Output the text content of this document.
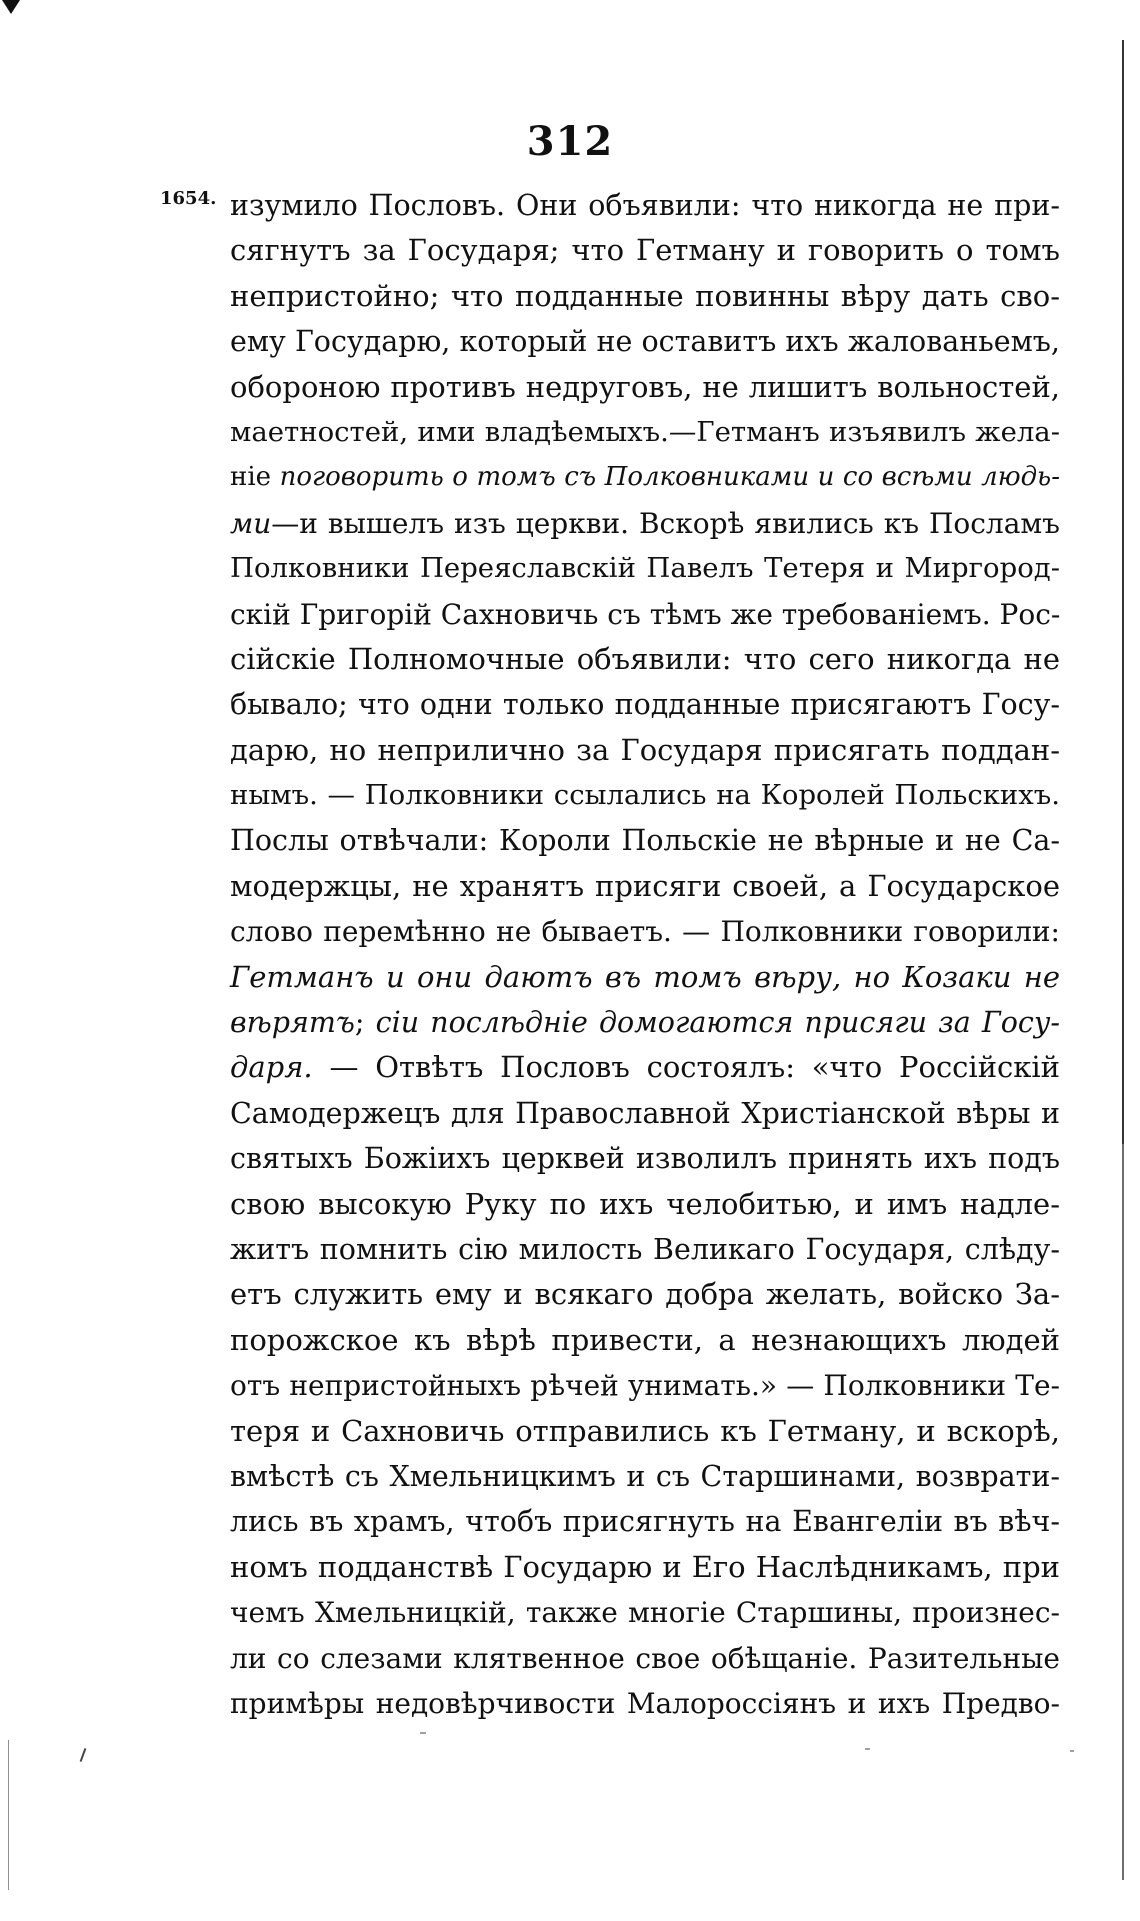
312
1654. изумило Пословъ. Они объявили: что никогда не при-
сягнутъ за Государя; что Гетману и говорить о томъ
непристойно; что подданные повинны вѣру дать сво-
ему Государю, который не оставитъ ихъ жалованьемъ,
обороною противъ недруговъ, не лишитъ вольностей,
маетностей, ими владѣемыхъ.—Гетманъ изъявилъ жела-
ніе поговорить о томъ съ Полковниками и со всѣми людь-
ми—и вышелъ изъ церкви. Вскорѣ явились къ Посламъ
Полковники Переяславскій Павелъ Тетеря и Миргород-
скій Григорій Сахновичь съ тѣмъ же требованіемъ. Рос-
сійскіе Полномочные объявили: что сего никогда не
бывало; что одни только подданные присягаютъ Госу-
дарю, но неприлично за Государя присягать поддан-
нымъ. — Полковники ссылались на Королей Польскихъ.
Послы отвѣчали: Короли Польскіе не вѣрные и не Са-
модержцы, не хранятъ присяги своей, а Государское
слово перемѣнно не бываетъ. — Полковники говорили:
Гетманъ и они даютъ въ томъ вѣру, но Козаки не
вѣрятъ; сіи послѣдніе домогаются присяги за Госу-
даря. — Отвѣтъ Пословъ состоялъ: «что Россійскій
Самодержецъ для Православной Христіанской вѣры и
святыхъ Божіихъ церквей изволилъ принять ихъ подъ
свою высокую Руку по ихъ челобитью, и имъ надле-
житъ помнить сію милость Великаго Государя, слѣду-
етъ служить ему и всякаго добра желать, войско За-
порожское къ вѣрѣ привести, а незнающихъ людей
отъ непристойныхъ рѣчей унимать.» — Полковники Те-
теря и Сахновичь отправились къ Гетману, и вскорѣ,
вмѣстѣ съ Хмельницкимъ и съ Старшинами, возврати-
лись въ храмъ, чтобъ присягнуть на Евангеліи въ вѣч-
номъ подданствѣ Государю и Его Наслѣдникамъ, при
чемъ Хмельницкій, также многіе Старшины, произнес-
ли со слезами клятвенное свое обѣщаніе. Разительные
примѣры недовѣрчивости Малороссіянъ и ихъ Предво-
